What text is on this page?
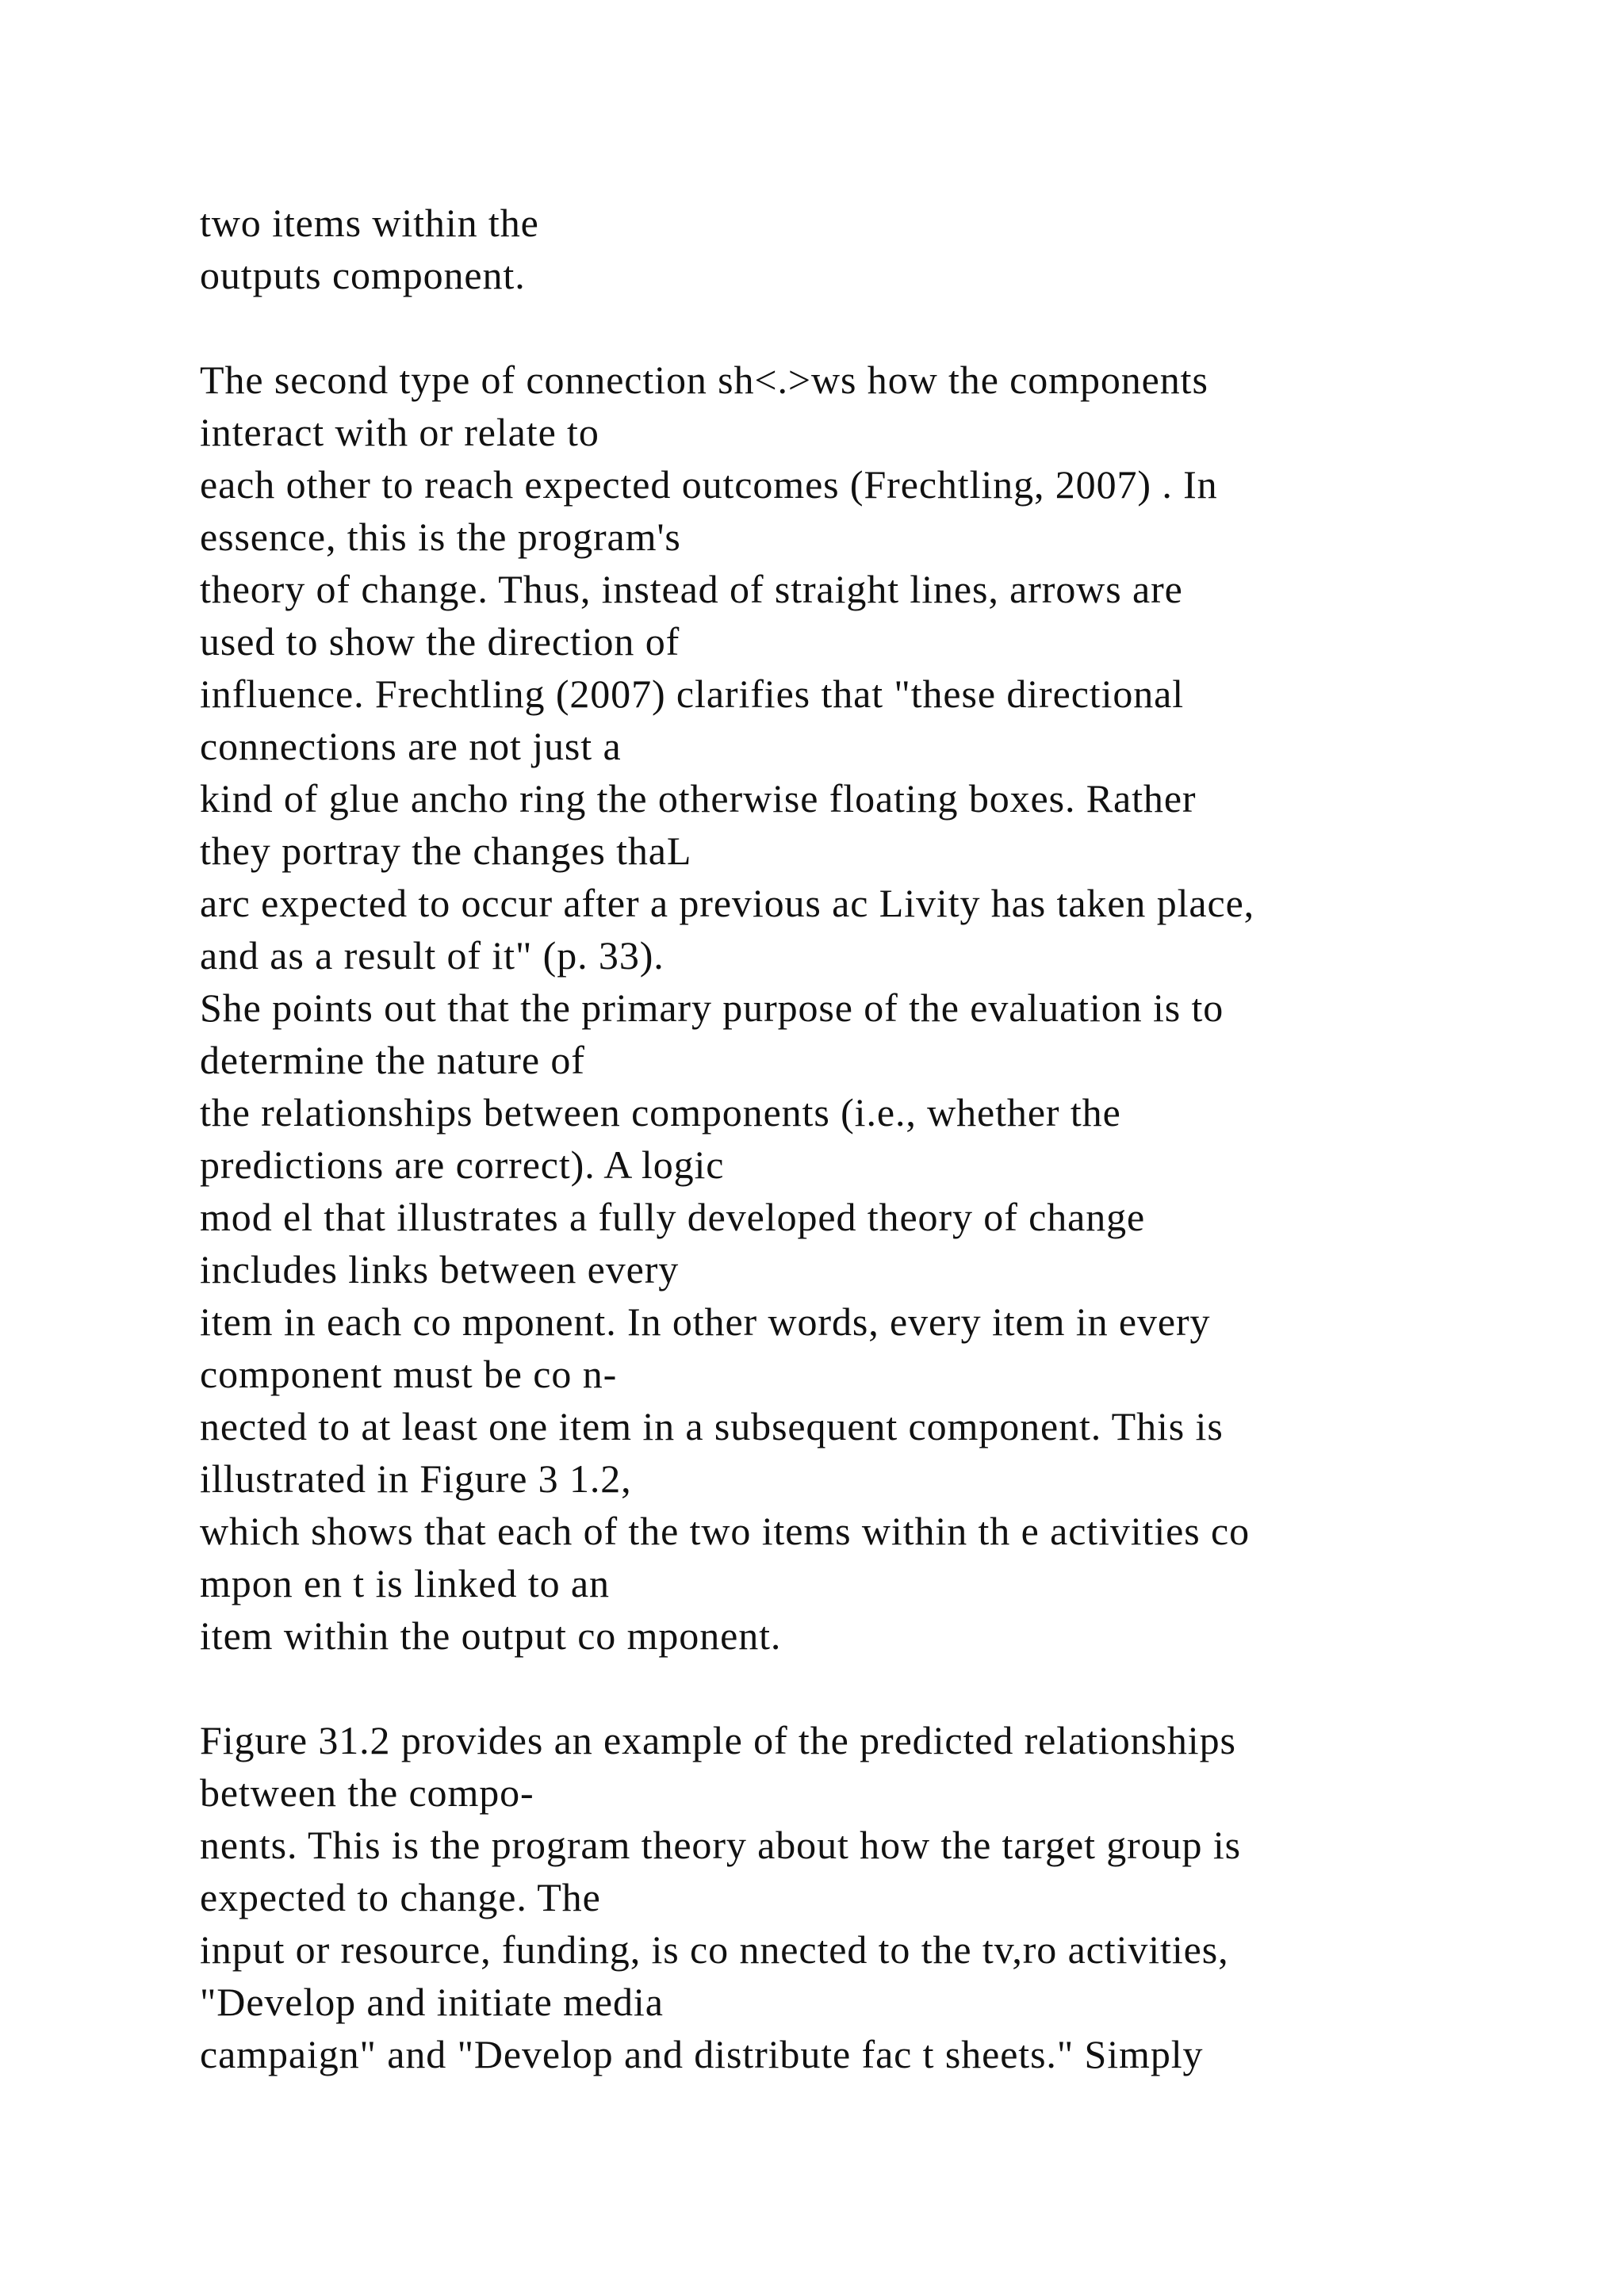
two items within the
outputs component.
The second type of connection sh<.>ws how the components
interact with or relate to
each other to reach expected outcomes (Frechtling, 2007) . In
essence, this is the program's
theory of change. Thus, instead of straight lines, arrows are
used to show the direction of
influence. Frechtling (2007) clarifies that "these directional
connections are not just a
kind of glue ancho ring the otherwise floating boxes. Rather
they portray the changes thaL
arc expected to occur after a previous ac Livity has taken place,
and as a result of it" (p. 33).
She points out that the primary purpose of the evaluation is to
determine the nature of
the relationships between components (i.e., whether the
predictions are correct). A logic
mod el that illustrates a fully developed theory of change
includes links between every
item in each co mponent. In other words, every item in every
component must be co n-
nected to at least one item in a subsequent component. This is
illustrated in Figure 3 1.2,
which shows that each of the two items within th e activities co
mpon en t is linked to an
item within the output co mponent.
Figure 31.2 provides an example of the predicted relationships
between the compo-
nents. This is the program theory about how the target group is
expected to change. The
input or resource, funding, is co nnected to the tv,ro activities,
"Develop and initiate media
campaign" and "Develop and distribute fac t sheets." Simply
